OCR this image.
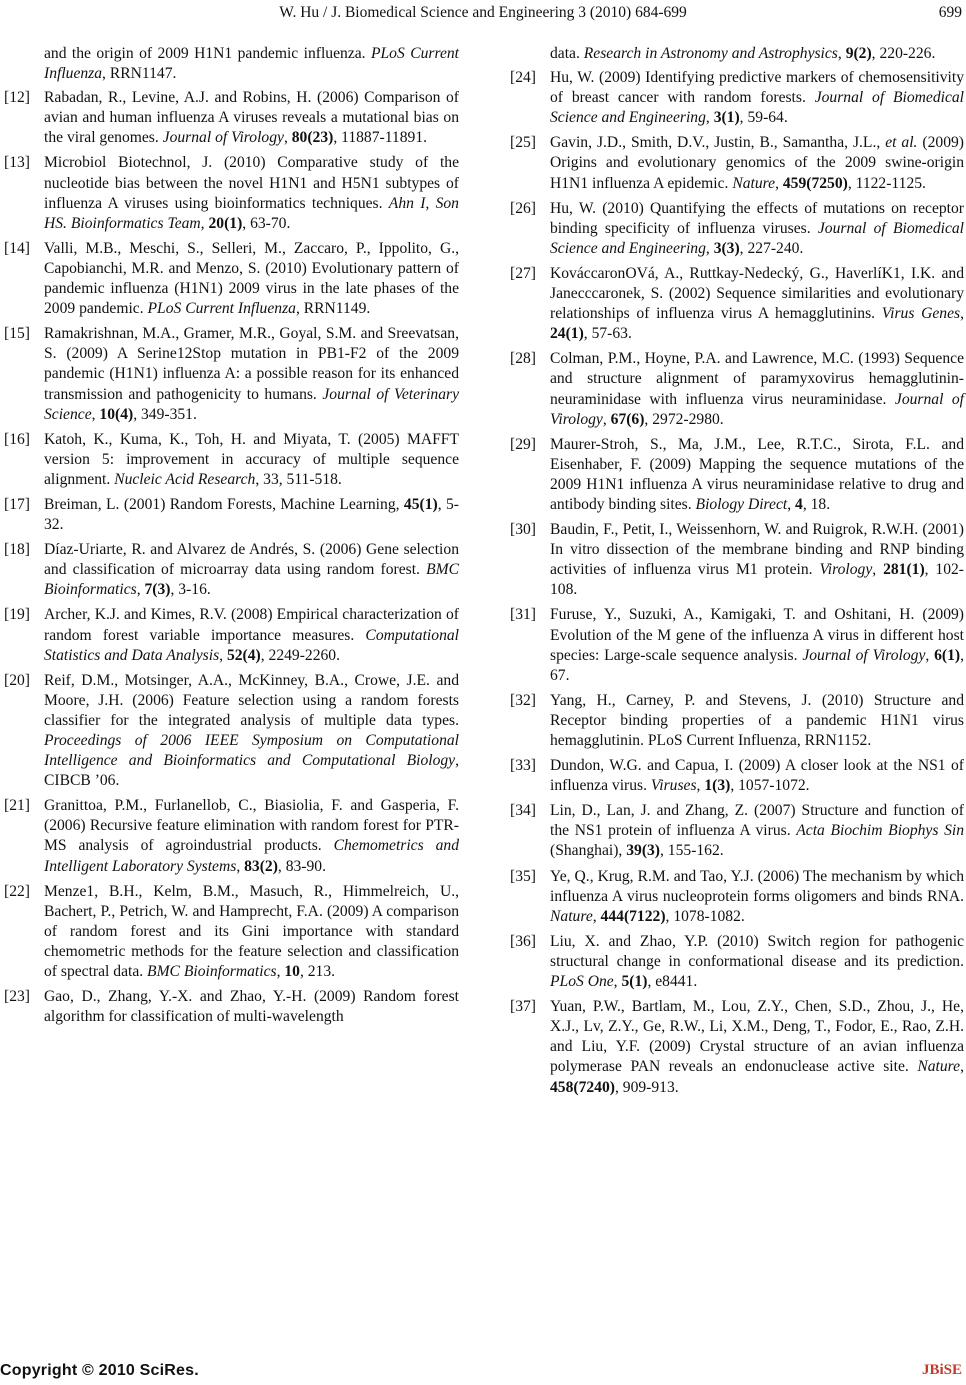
W. Hu / J. Biomedical Science and Engineering 3 (2010) 684-699	699
and the origin of 2009 H1N1 pandemic influenza. PLoS Current Influenza, RRN1147.
[12] Rabadan, R., Levine, A.J. and Robins, H. (2006) Comparison of avian and human influenza A viruses reveals a mutational bias on the viral genomes. Journal of Virology, 80(23), 11887-11891.
[13] Microbiol Biotechnol, J. (2010) Comparative study of the nucleotide bias between the novel H1N1 and H5N1 subtypes of influenza A viruses using bioinformatics techniques. Ahn I, Son HS. Bioinformatics Team, 20(1), 63-70.
[14] Valli, M.B., Meschi, S., Selleri, M., Zaccaro, P., Ippolito, G., Capobianchi, M.R. and Menzo, S. (2010) Evolutionary pattern of pandemic influenza (H1N1) 2009 virus in the late phases of the 2009 pandemic. PLoS Current Influenza, RRN1149.
[15] Ramakrishnan, M.A., Gramer, M.R., Goyal, S.M. and Sreevatsan, S. (2009) A Serine12Stop mutation in PB1-F2 of the 2009 pandemic (H1N1) influenza A: a possible reason for its enhanced transmission and pathogenicity to humans. Journal of Veterinary Science, 10(4), 349-351.
[16] Katoh, K., Kuma, K., Toh, H. and Miyata, T. (2005) MAFFT version 5: improvement in accuracy of multiple sequence alignment. Nucleic Acid Research, 33, 511-518.
[17] Breiman, L. (2001) Random Forests, Machine Learning, 45(1), 5-32.
[18] Díaz-Uriarte, R. and Alvarez de Andrés, S. (2006) Gene selection and classification of microarray data using random forest. BMC Bioinformatics, 7(3), 3-16.
[19] Archer, K.J. and Kimes, R.V. (2008) Empirical characterization of random forest variable importance measures. Computational Statistics and Data Analysis, 52(4), 2249-2260.
[20] Reif, D.M., Motsinger, A.A., McKinney, B.A., Crowe, J.E. and Moore, J.H. (2006) Feature selection using a random forests classifier for the integrated analysis of multiple data types. Proceedings of 2006 IEEE Symposium on Computational Intelligence and Bioinformatics and Computational Biology, CIBCB ’06.
[21] Granittoa, P.M., Furlanellob, C., Biasiolia, F. and Gasperia, F. (2006) Recursive feature elimination with random forest for PTR-MS analysis of agroindustrial products. Chemometrics and Intelligent Laboratory Systems, 83(2), 83-90.
[22] Menze1, B.H., Kelm, B.M., Masuch, R., Himmelreich, U., Bachert, P., Petrich, W. and Hamprecht, F.A. (2009) A comparison of random forest and its Gini importance with standard chemometric methods for the feature selection and classification of spectral data. BMC Bioinformatics, 10, 213.
[23] Gao, D., Zhang, Y.-X. and Zhao, Y.-H. (2009) Random forest algorithm for classification of multi-wavelength
data. Research in Astronomy and Astrophysics, 9(2), 220-226.
[24] Hu, W. (2009) Identifying predictive markers of chemosensitivity of breast cancer with random forests. Journal of Biomedical Science and Engineering, 3(1), 59-64.
[25] Gavin, J.D., Smith, D.V., Justin, B., Samantha, J.L., et al. (2009) Origins and evolutionary genomics of the 2009 swine-origin H1N1 influenza A epidemic. Nature, 459(7250), 1122-1125.
[26] Hu, W. (2010) Quantifying the effects of mutations on receptor binding specificity of influenza viruses. Journal of Biomedical Science and Engineering, 3(3), 227-240.
[27] KováccaronOVá, A., Ruttkay-Nedecký, G., HaverlíK1, I.K. and Janecccaronek, S. (2002) Sequence similarities and evolutionary relationships of influenza virus A hemagglutinins. Virus Genes, 24(1), 57-63.
[28] Colman, P.M., Hoyne, P.A. and Lawrence, M.C. (1993) Sequence and structure alignment of paramyxovirus hemagglutinin-neuraminidase with influenza virus neuraminidase. Journal of Virology, 67(6), 2972-2980.
[29] Maurer-Stroh, S., Ma, J.M., Lee, R.T.C., Sirota, F.L. and Eisenhaber, F. (2009) Mapping the sequence mutations of the 2009 H1N1 influenza A virus neuraminidase relative to drug and antibody binding sites. Biology Direct, 4, 18.
[30] Baudin, F., Petit, I., Weissenhorn, W. and Ruigrok, R.W.H. (2001) In vitro dissection of the membrane binding and RNP binding activities of influenza virus M1 protein. Virology, 281(1), 102-108.
[31] Furuse, Y., Suzuki, A., Kamigaki, T. and Oshitani, H. (2009) Evolution of the M gene of the influenza A virus in different host species: Large-scale sequence analysis. Journal of Virology, 6(1), 67.
[32] Yang, H., Carney, P. and Stevens, J. (2010) Structure and Receptor binding properties of a pandemic H1N1 virus hemagglutinin. PLoS Current Influenza, RRN1152.
[33] Dundon, W.G. and Capua, I. (2009) A closer look at the NS1 of influenza virus. Viruses, 1(3), 1057-1072.
[34] Lin, D., Lan, J. and Zhang, Z. (2007) Structure and function of the NS1 protein of influenza A virus. Acta Biochim Biophys Sin (Shanghai), 39(3), 155-162.
[35] Ye, Q., Krug, R.M. and Tao, Y.J. (2006) The mechanism by which influenza A virus nucleoprotein forms oligomers and binds RNA. Nature, 444(7122), 1078-1082.
[36] Liu, X. and Zhao, Y.P. (2010) Switch region for pathogenic structural change in conformational disease and its prediction. PLoS One, 5(1), e8441.
[37] Yuan, P.W., Bartlam, M., Lou, Z.Y., Chen, S.D., Zhou, J., He, X.J., Lv, Z.Y., Ge, R.W., Li, X.M., Deng, T., Fodor, E., Rao, Z.H. and Liu, Y.F. (2009) Crystal structure of an avian influenza polymerase PAN reveals an endonuclease active site. Nature, 458(7240), 909-913.
Copyright © 2010 SciRes.	JBiSE
